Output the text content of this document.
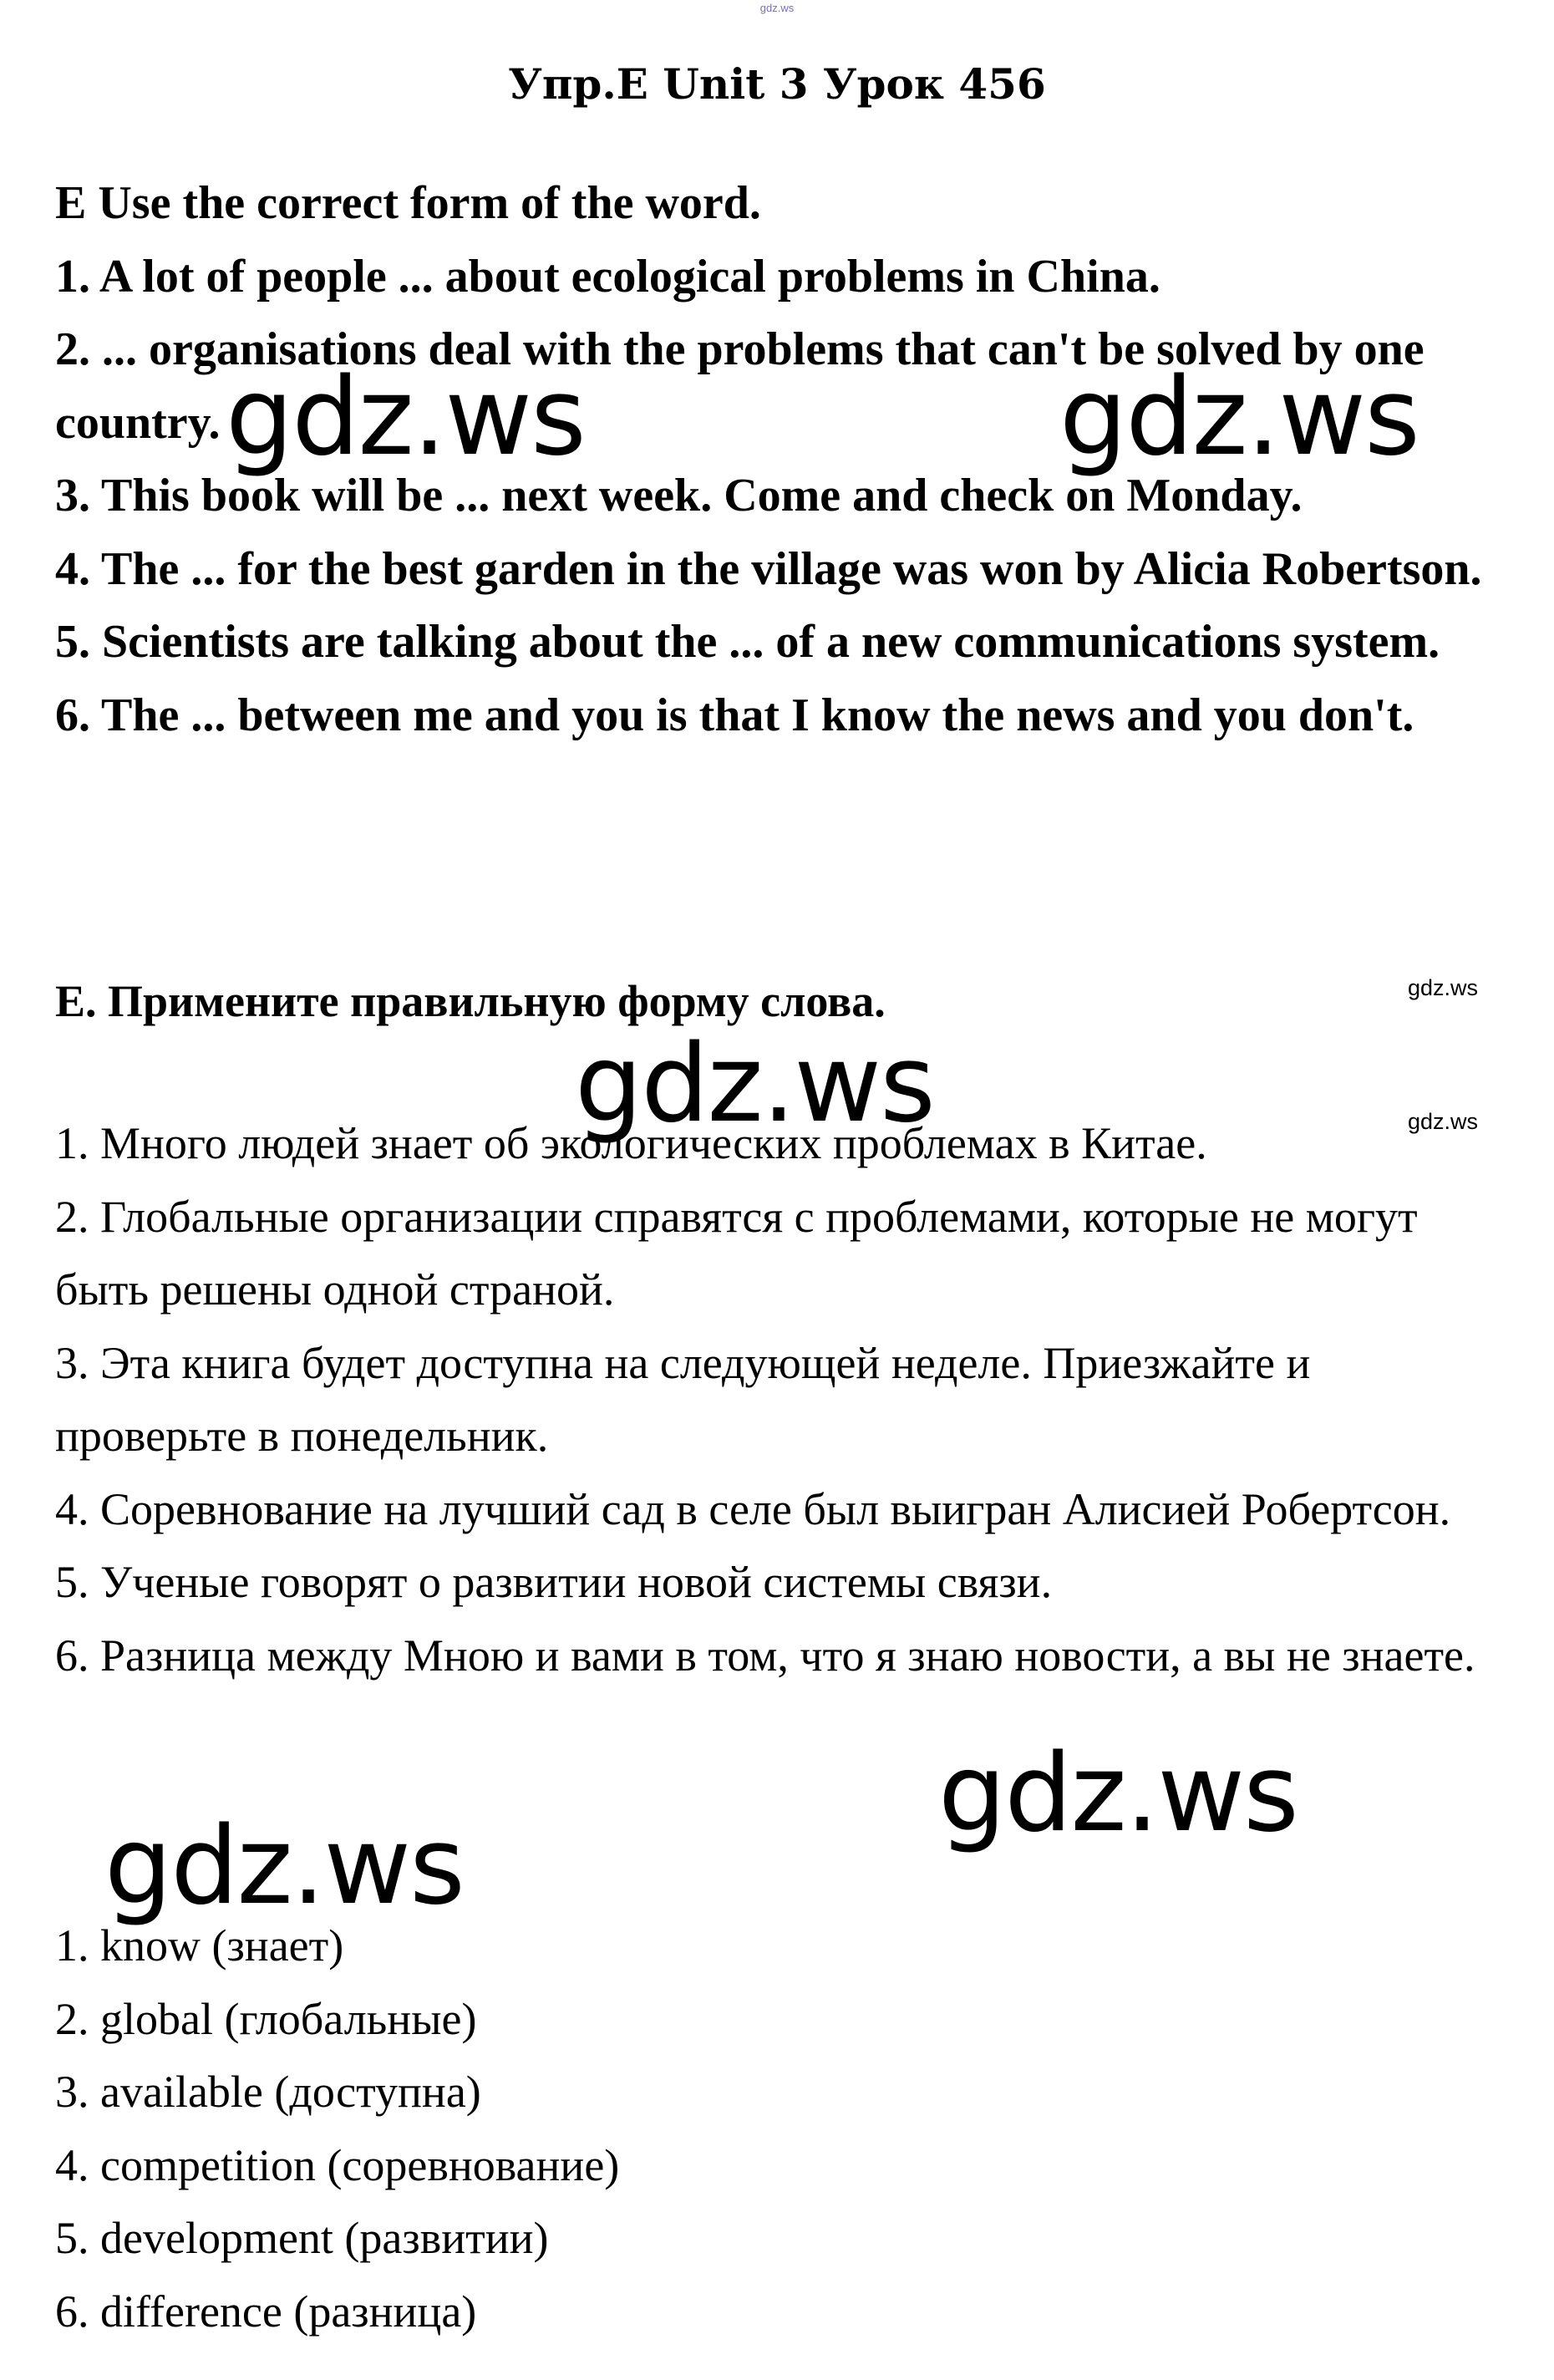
gdz.ws
Упр.E Unit 3 Урок 456

E Use the correct form of the word.

1. A lot of people ... about ecological problems in China.

2. ... organisations deal with the problems that can't be solved by one country.

3. This book will be ... next week. Come and check on Monday.

4. The ... for the best garden in the village was won by Alicia Robertson.

5. Scientists are talking about the ... of a new communications system.

6. The ... between me and you is that I know the news and you don't.

E. Примените правильную форму слова.

1. Много людей знает об экологических проблемах в Китае.

2. Глобальные организации справятся с проблемами, которые не могут быть решены одной страной.

3. Эта книга будет доступна на следующей неделе. Приезжайте и проверьте в понедельник.

4. Соревнование на лучший сад в селе был выигран Алисией Робертсон.

5. Ученые говорят о развитии новой системы связи.

6. Разница между Мною и вами в том, что я знаю новости, а вы не знаете.

1. know (знает)

2. global (глобальные)

3. available (доступна)

4. competition (соревнование)

5. development (развитии)

6. difference (разница)

gdz.ws	gdz.ws
gdz.ws
gdz.ws
gdz.ws
gdz.ws
gdz.ws
